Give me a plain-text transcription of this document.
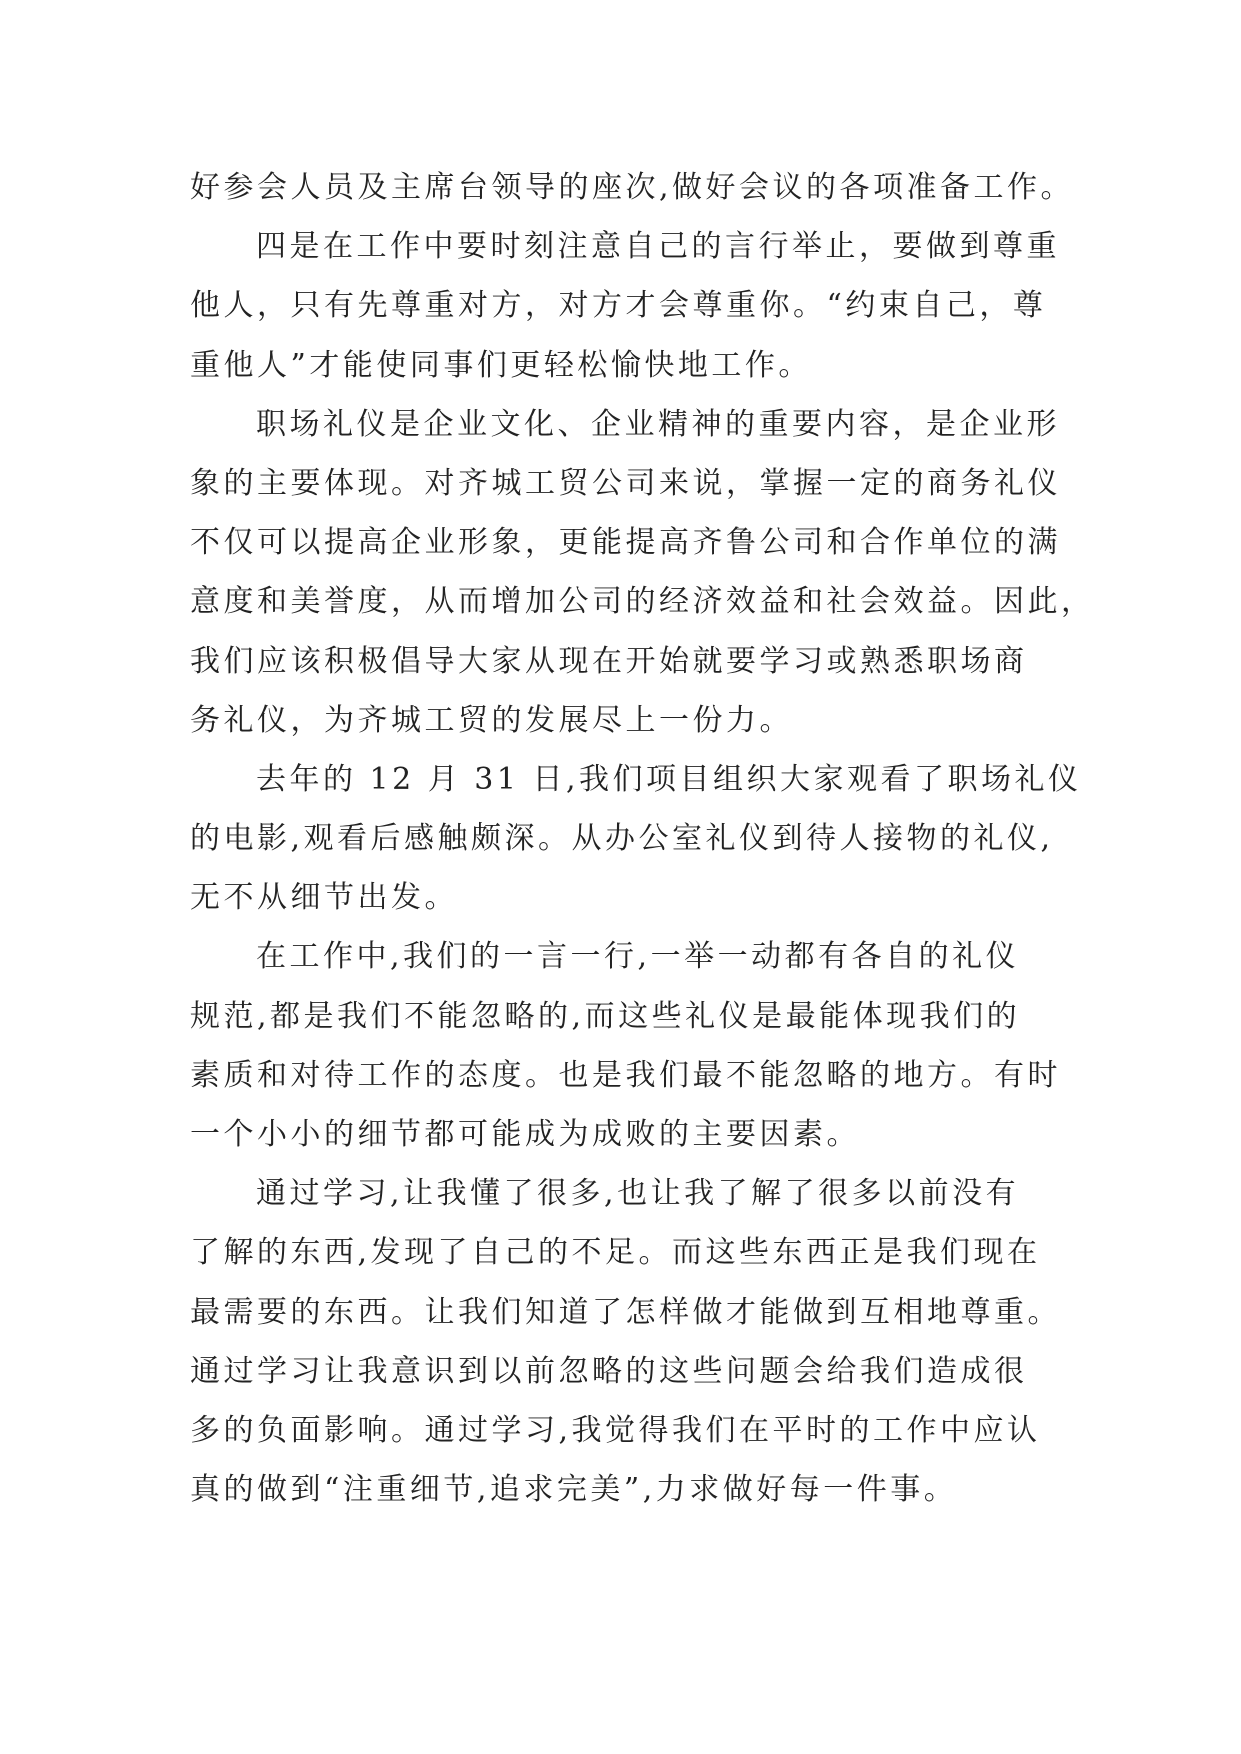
好参会人员及主席台领导的座次,做好会议的各项准备工作。
四是在工作中要时刻注意自己的言行举止，要做到尊重
他人，只有先尊重对方，对方才会尊重你。“约束自己，尊
重他人”才能使同事们更轻松愉快地工作。
职场礼仪是企业文化、企业精神的重要内容，是企业形
象的主要体现。对齐城工贸公司来说，掌握一定的商务礼仪
不仅可以提高企业形象，更能提高齐鲁公司和合作单位的满
意度和美誉度，从而增加公司的经济效益和社会效益。因此，
我们应该积极倡导大家从现在开始就要学习或熟悉职场商
务礼仪，为齐城工贸的发展尽上一份力。
去年的 12 月 31 日,我们项目组织大家观看了职场礼仪
的电影,观看后感触颇深。从办公室礼仪到待人接物的礼仪,
无不从细节出发。
在工作中,我们的一言一行,一举一动都有各自的礼仪
规范,都是我们不能忽略的,而这些礼仪是最能体现我们的
素质和对待工作的态度。也是我们最不能忽略的地方。有时
一个小小的细节都可能成为成败的主要因素。
通过学习,让我懂了很多,也让我了解了很多以前没有
了解的东西,发现了自己的不足。而这些东西正是我们现在
最需要的东西。让我们知道了怎样做才能做到互相地尊重。
通过学习让我意识到以前忽略的这些问题会给我们造成很
多的负面影响。通过学习,我觉得我们在平时的工作中应认
真的做到“注重细节,追求完美”,力求做好每一件事。
